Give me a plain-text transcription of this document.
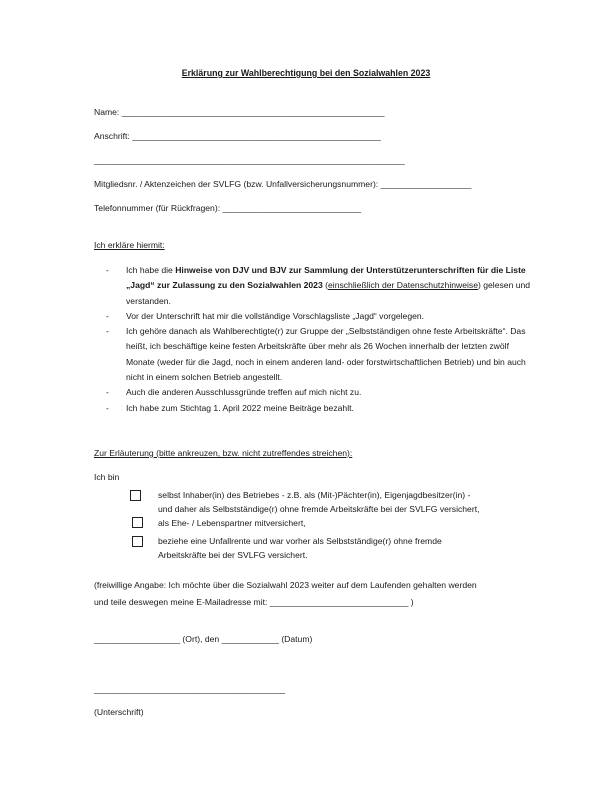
Erklärung zur Wahlberechtigung bei den Sozialwahlen 2023
Name: _______________________________________________________
Anschrift: ____________________________________________________
_________________________________________________________________
Mitgliedsnr. / Aktenzeichen der SVLFG (bzw. Unfallversicherungsnummer): ___________________
Telefonnummer (für Rückfragen): _____________________________
Ich erkläre hiermit:
- Ich habe die Hinweise von DJV und BJV zur Sammlung der Unterstützerunterschriften für die Liste „Jagd“ zur Zulassung zu den Sozialwahlen 2023 (einschließlich der Datenschutzhinweise) gelesen und verstanden.
- Vor der Unterschrift hat mir die vollständige Vorschlagsliste „Jagd“ vorgelegen.
- Ich gehöre danach als Wahlberechtigte(r) zur Gruppe der „Selbstständigen ohne feste Arbeitskräfte“. Das heißt, ich beschäftige keine festen Arbeitskräfte über mehr als 26 Wochen innerhalb der letzten zwölf Monate (weder für die Jagd, noch in einem anderen land- oder forstwirtschaftlichen Betrieb) und bin auch nicht in einem solchen Betrieb angestellt.
- Auch die anderen Ausschlussgründe treffen auf mich nicht zu.
- Ich habe zum Stichtag 1. April 2022 meine Beiträge bezahlt.
Zur Erläuterung (bitte ankreuzen, bzw. nicht zutreffendes streichen):
Ich bin
selbst Inhaber(in) des Betriebes - z.B. als (Mit-)Pächter(in), Eigenjagdbesitzer(in) -
und daher als Selbstständige(r) ohne fremde Arbeitskräfte bei der SVLFG versichert,
als Ehe- / Lebenspartner mitversichert,
beziehe eine Unfallrente und war vorher als Selbstständige(r) ohne fremde
Arbeitskräfte bei der SVLFG versichert.
(freiwillige Angabe: Ich möchte über die Sozialwahl 2023 weiter auf dem Laufenden gehalten werden
und teile deswegen meine E-Mailadresse mit: _____________________________ )
__________________ (Ort), den ____________ (Datum)
________________________________________
(Unterschrift)
